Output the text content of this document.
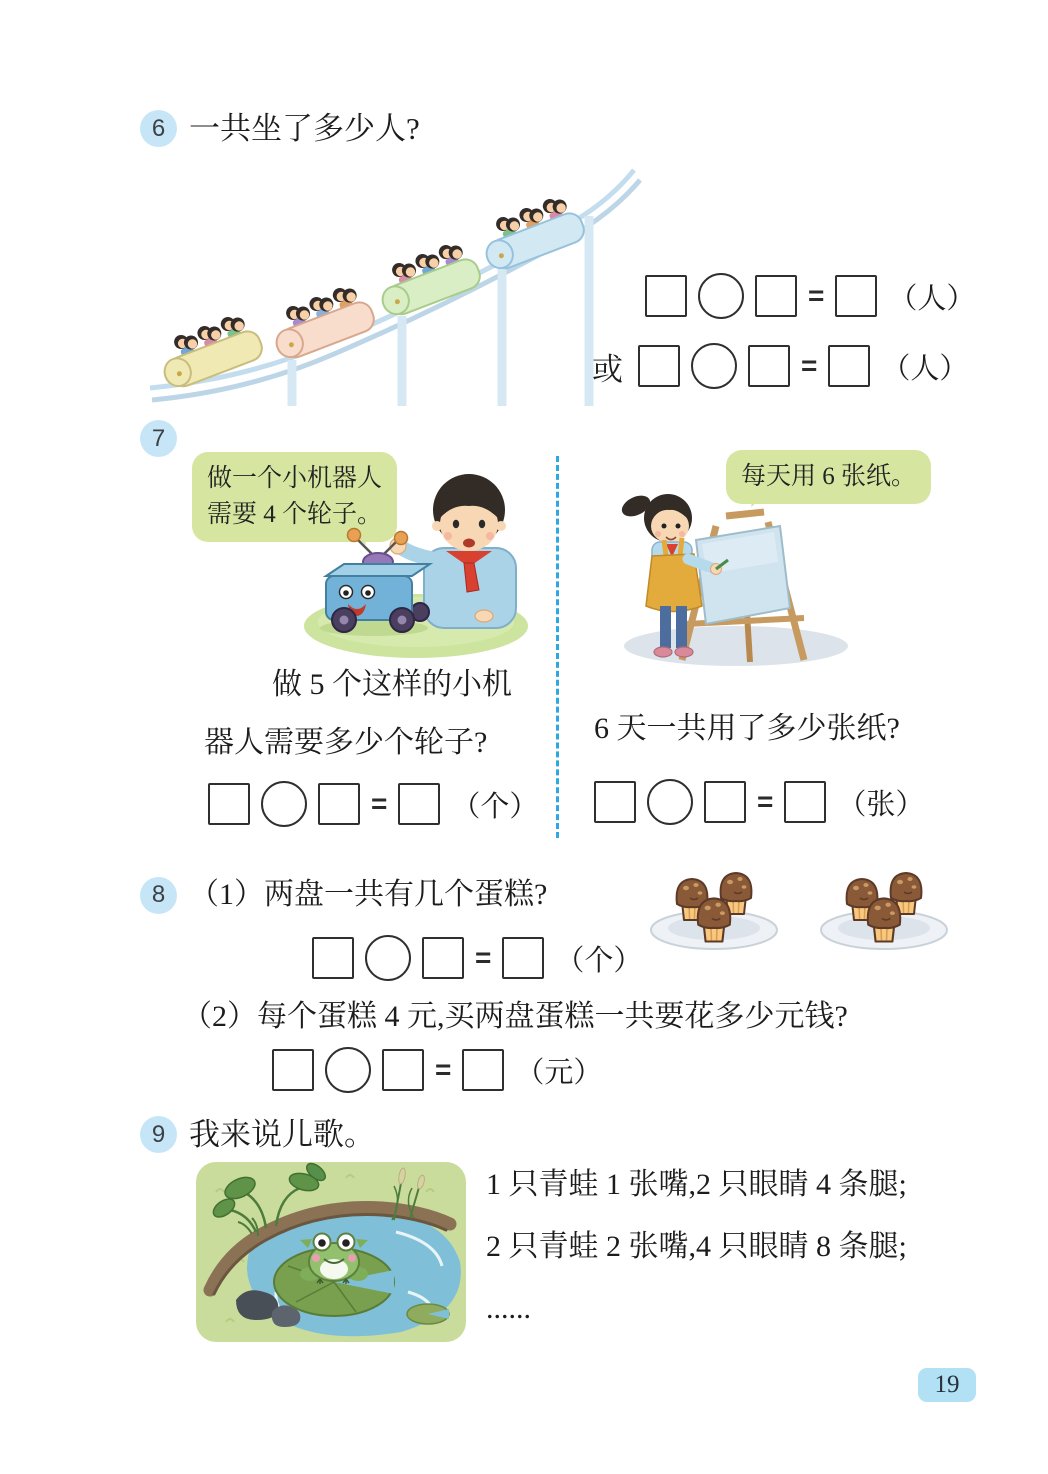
6 一共坐了多少人?
= （人）
或	= （人）
7
做一个小机器人
需要 4 个轮子。
做 5 个这样的小机
器人需要多少个轮子?
= （个）
每天用 6 张纸。
6 天一共用了多少张纸?
= （张）
8 （1）两盘一共有几个蛋糕?
= （个）
（2）每个蛋糕 4 元,买两盘蛋糕一共要花多少元钱?
= （元）
9 我来说儿歌。
1 只青蛙 1 张嘴,2 只眼睛 4 条腿;
2 只青蛙 2 张嘴,4 只眼睛 8 条腿;
......
19
